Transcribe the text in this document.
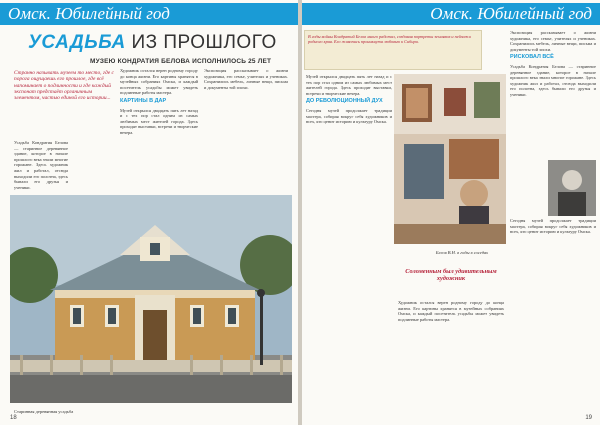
Омск. Юбилейный год
УСАДЬБА ИЗ ПРОШЛОГО
МУЗЕЮ КОНДРАТИЯ БЕЛОВА ИСПОЛНИЛОСЬ 25 ЛЕТ
Странно называть музеем то место, где с порога ощущаешь его прошлое, где всё напоминает о подлинности и где каждый экспонат предстаёт органичным элементом, частью единой его истории...
Усадьба Кондратия Белова — старинное деревянное здание, которое в начале прошлого века знали многие горожане. Здесь художник жил и работал, отсюда выходили его полотна, здесь бывали его друзья и ученики.
Художник остался верен родному городу до конца жизни. Его картины хранятся в музейных собраниях Омска, и каждый посетитель усадьбы может увидеть подлинные работы мастера.
КАРТИНЫ В ДАР
Музей открылся двадцать пять лет назад и с тех пор стал одним из самых любимых мест жителей города. Здесь проходят выставки, встречи и творческие вечера.
Экспозиция рассказывает о жизни художника, его семье, учителях и учениках. Сохранились мебель, личные вещи, письма и документы той эпохи.
Старинная деревянная усадьба
18
Омск. Юбилейный год
В годы войны Кондратий Белов много работал, создавая портреты земляков и пейзажи родного края. Его живопись проникнута любовью к Сибири.
Музей открылся двадцать пять лет назад и с тех пор стал одним из самых любимых мест жителей города. Здесь проходят выставки, встречи и творческие вечера.
ДО РЕВОЛЮЦИОННЫЙ ДУХ
Сегодня музей продолжает традиции мастера, собирая вокруг себя художников и всех, кто ценит историю и культуру Омска.
Белов В.Н. в годы в соседях
Соломенным был удивительным художник
Художник остался верен родному городу до конца жизни. Его картины хранятся в музейных собраниях Омска, и каждый посетитель усадьбы может увидеть подлинные работы мастера.
Экспозиция рассказывает о жизни художника, его семье, учителях и учениках. Сохранились мебель, личные вещи, письма и документы той эпохи.
РИСКОВАЛ ВСЁ
Усадьба Кондратия Белова — старинное деревянное здание, которое в начале прошлого века знали многие горожане. Здесь художник жил и работал, отсюда выходили его полотна, здесь бывали его друзья и ученики.
Сегодня музей продолжает традиции мастера, собирая вокруг себя художников и всех, кто ценит историю и культуру Омска.
19
